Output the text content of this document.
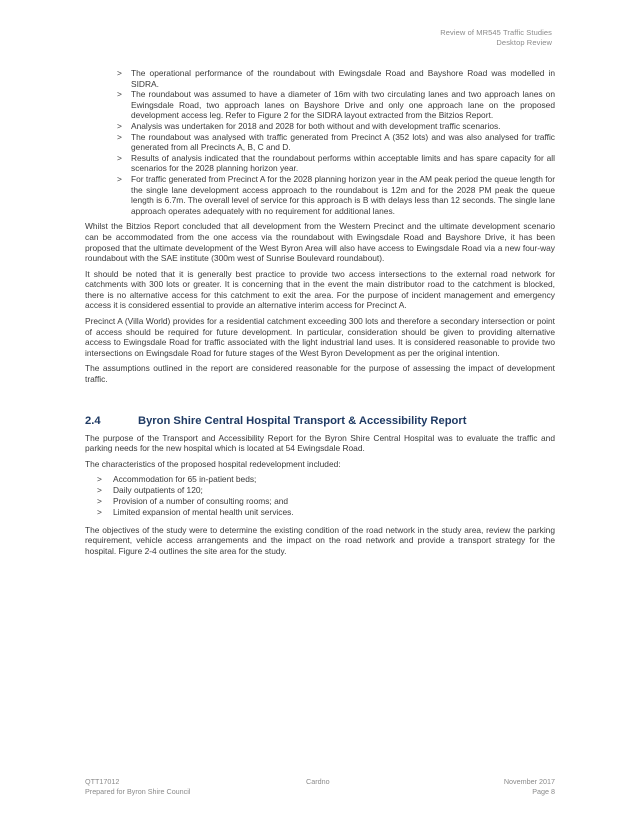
Review of MR545 Traffic Studies
Desktop Review
> The operational performance of the roundabout with Ewingsdale Road and Bayshore Road was modelled in SIDRA.
> The roundabout was assumed to have a diameter of 16m with two circulating lanes and two approach lanes on Ewingsdale Road, two approach lanes on Bayshore Drive and only one approach lane on the proposed development access leg. Refer to Figure 2 for the SIDRA layout extracted from the Bitzios Report.
> Analysis was undertaken for 2018 and 2028 for both without and with development traffic scenarios.
> The roundabout was analysed with traffic generated from Precinct A (352 lots) and was also analysed for traffic generated from all Precincts A, B, C and D.
> Results of analysis indicated that the roundabout performs within acceptable limits and has spare capacity for all scenarios for the 2028 planning horizon year.
> For traffic generated from Precinct A for the 2028 planning horizon year in the AM peak period the queue length for the single lane development access approach to the roundabout is 12m and for the 2028 PM peak the queue length is 6.7m. The overall level of service for this approach is B with delays less than 12 seconds. The single lane approach operates adequately with no requirement for additional lanes.

Whilst the Bitzios Report concluded that all development from the Western Precinct and the ultimate development scenario can be accommodated from the one access via the roundabout with Ewingsdale Road and Bayshore Drive, it has been proposed that the ultimate development of the West Byron Area will also have access to Ewingsdale Road via a new four-way roundabout with the SAE institute (300m west of Sunrise Boulevard roundabout).

It should be noted that it is generally best practice to provide two access intersections to the external road network for catchments with 300 lots or greater. It is concerning that in the event the main distributor road to the catchment is blocked, there is no alternative access for this catchment to exit the area. For the purpose of incident management and emergency access it is considered essential to provide an alternative interim access for Precinct A.

Precinct A (Villa World) provides for a residential catchment exceeding 300 lots and therefore a secondary intersection or point of access should be required for future development. In particular, consideration should be given to providing alternative access to Ewingsdale Road for traffic associated with the light industrial land uses. It is considered reasonable to provide two intersections on Ewingsdale Road for future stages of the West Byron Development as per the original intention.

The assumptions outlined in the report are considered reasonable for the purpose of assessing the impact of development traffic.

2.4	Byron Shire Central Hospital Transport & Accessibility Report

The purpose of the Transport and Accessibility Report for the Byron Shire Central Hospital was to evaluate the traffic and parking needs for the new hospital which is located at 54 Ewingsdale Road.

The characteristics of the proposed hospital redevelopment included:

> Accommodation for 65 in-patient beds;
> Daily outpatients of 120;
> Provision of a number of consulting rooms; and
> Limited expansion of mental health unit services.

The objectives of the study were to determine the existing condition of the road network in the study area, review the parking requirement, vehicle access arrangements and the impact on the road network and provide a transport strategy for the hospital. Figure 2-4 outlines the site area for the study.

QTT17012
Prepared for Byron Shire Council
Cardno	November 2017
Page 8
